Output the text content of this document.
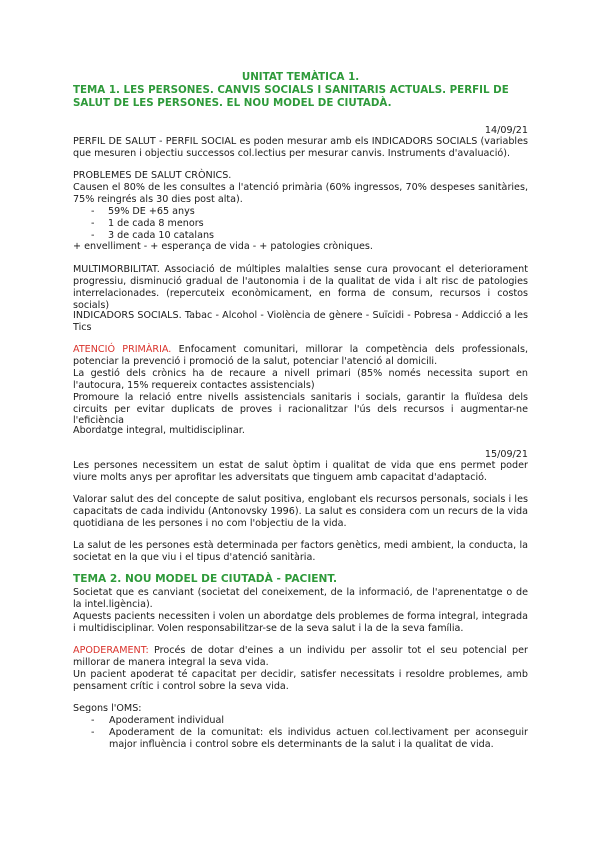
UNITAT TEMÀTICA 1.
TEMA 1. LES PERSONES. CANVIS SOCIALS I SANITARIS ACTUALS. PERFIL DE
SALUT DE LES PERSONES. EL NOU MODEL DE CIUTADÀ.
14/09/21

PERFIL DE SALUT - PERFIL SOCIAL es poden mesurar amb els INDICADORS SOCIALS (variables que mesuren i objectiu successos col.lectius per mesurar canvis. Instruments d'avaluació).

PROBLEMES DE SALUT CRÒNICS.
Causen el 80% de les consultes a l'atenció primària (60% ingressos, 70% despeses sanitàries, 75% reingrés als 30 dies post alta).
- 59% DE +65 anys
- 1 de cada 8 menors
- 3 de cada 10 catalans
+ envelliment - + esperança de vida - + patologies cròniques.

MULTIMORBILITAT. Associació de múltiples malalties sense cura provocant el deteriorament progressiu, disminució gradual de l'autonomia i de la qualitat de vida i alt risc de patologies interrelacionades. (repercuteix econòmicament, en forma de consum, recursos i costos socials)

INDICADORS SOCIALS. Tabac - Alcohol - Violència de gènere - Suïcidi - Pobresa - Addicció a les Tics

ATENCIÓ PRIMÀRIA. Enfocament comunitari, millorar la competència dels professionals, potenciar la prevenció i promoció de la salut, potenciar l'atenció al domicili.
La gestió dels crònics ha de recaure a nivell primari (85% només necessita suport en l'autocura, 15% requereix contactes assistencials)
Promoure la relació entre nivells assistencials sanitaris i socials, garantir la fluïdesa dels circuits per evitar duplicats de proves i racionalitzar l'ús dels recursos i augmentar-ne l'eficiència

Abordatge integral, multidisciplinar.

15/09/21

Les persones necessitem un estat de salut òptim i qualitat de vida que ens permet poder viure molts anys per aprofitar les adversitats que tinguem amb capacitat d'adaptació.

Valorar salut des del concepte de salut positiva, englobant els recursos personals, socials i les capacitats de cada individu (Antonovsky 1996). La salut es considera com un recurs de la vida quotidiana de les persones i no com l'objectiu de la vida.

La salut de les persones està determinada per factors genètics, medi ambient, la conducta, la societat en la que viu i el tipus d'atenció sanitària.

TEMA 2. NOU MODEL DE CIUTADÀ - PACIENT.
Societat que es canviant (societat del coneixement, de la informació, de l'aprenentatge o de la intel.ligència).
Aquests pacients necessiten i volen un abordatge dels problemes de forma integral, integrada i multidisciplinar. Volen responsabilitzar-se de la seva salut i la de la seva família.
APODERAMENT: Procés de dotar d'eines a un individu per assolir tot el seu potencial per millorar de manera integral la seva vida.
Un pacient apoderat té capacitat per decidir, satisfer necessitats i resoldre problemes, amb pensament crític i control sobre la seva vida.
Segons l'OMS:
- Apoderament individual
- Apoderament de la comunitat: els individus actuen col.lectivament per aconseguir major influència i control sobre els determinants de la salut i la qualitat de vida.
